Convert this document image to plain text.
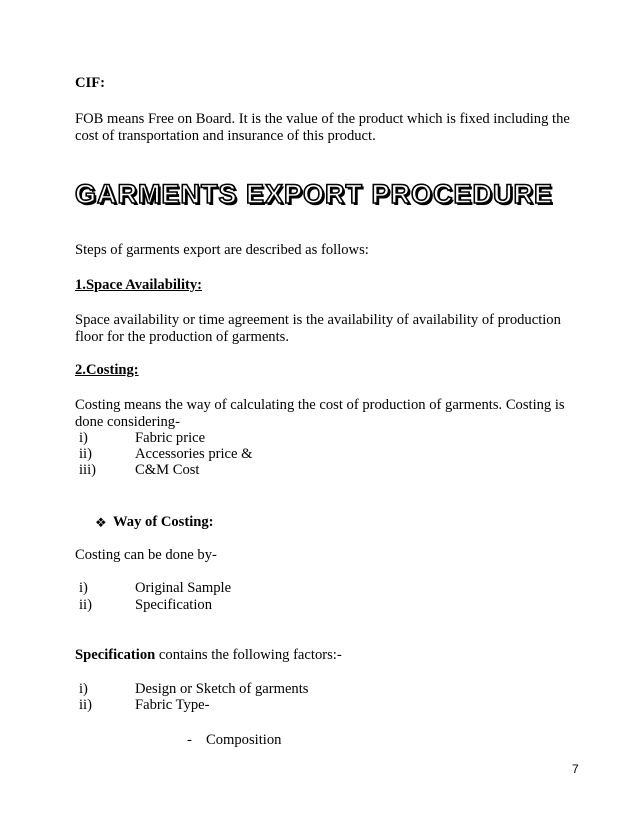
CIF:
FOB means Free on Board. It is the value of the product which is fixed including the
cost of transportation and insurance of this product.
GARMENTS EXPORT PROCEDURE
Steps of garments export are described as follows:
1.Space Availability:
Space availability or time agreement is the availability of availability of production
floor for the production of garments.
2.Costing:
Costing means the way of calculating the cost of production of garments. Costing is
done considering-
i)	Fabric price
ii)	Accessories price &
iii)	C&M Cost
❖ Way of Costing:
Costing can be done by-
i)	Original Sample
ii)	Specification
Specification contains the following factors:-
i)	Design or Sketch of garments
ii)	Fabric Type-
- Composition
7
